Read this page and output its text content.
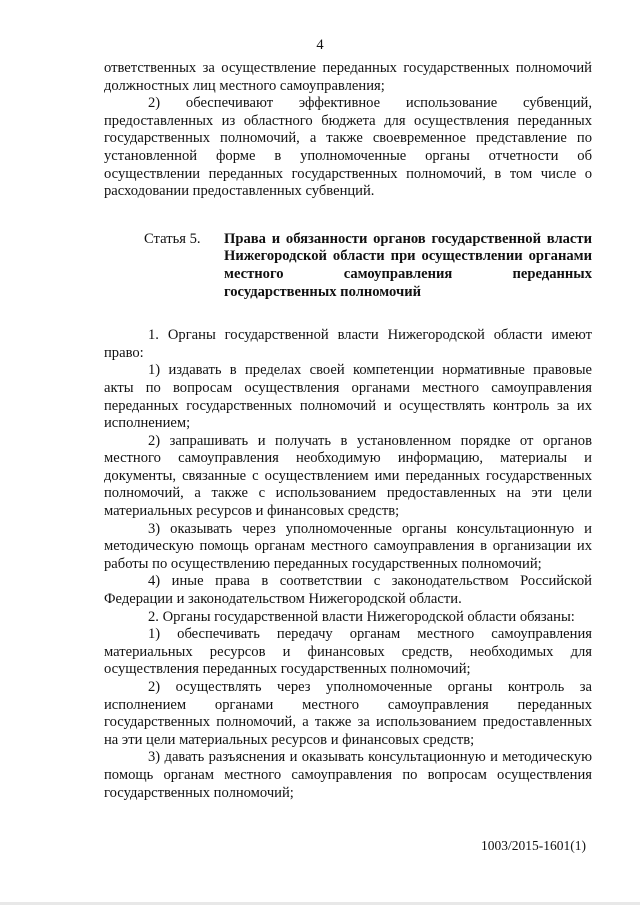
4

ответственных за осуществление переданных государственных полномочий должностных лиц местного самоуправления;

2) обеспечивают эффективное использование субвенций, предоставленных из областного бюджета для осуществления переданных государственных полномочий, а также своевременное представление по установленной форме в уполномоченные органы отчетности об осуществлении переданных государственных полномочий, в том числе о расходовании предоставленных субвенций.

Статья 5.	Права и обязанности органов государственной власти Нижегородской области при осуществлении органами местного самоуправления переданных государственных полномочий

1. Органы государственной власти Нижегородской области имеют право:

1) издавать в пределах своей компетенции нормативные правовые акты по вопросам осуществления органами местного самоуправления переданных государственных полномочий и осуществлять контроль за их исполнением;

2) запрашивать и получать в установленном порядке от органов местного самоуправления необходимую информацию, материалы и документы, связанные с осуществлением ими переданных государственных полномочий, а также с использованием предоставленных на эти цели материальных ресурсов и финансовых средств;

3) оказывать через уполномоченные органы консультационную и методическую помощь органам местного самоуправления в организации их работы по осуществлению переданных государственных полномочий;

4) иные права в соответствии с законодательством Российской Федерации и законодательством Нижегородской области.

2. Органы государственной власти Нижегородской области обязаны:

1) обеспечивать передачу органам местного самоуправления материальных ресурсов и финансовых средств, необходимых для осуществления переданных государственных полномочий;

2) осуществлять через уполномоченные органы контроль за исполнением органами местного самоуправления переданных государственных полномочий, а также за использованием предоставленных на эти цели материальных ресурсов и финансовых средств;

3) давать разъяснения и оказывать консультационную и методическую помощь органам местного самоуправления по вопросам осуществления государственных полномочий;

1003/2015-1601(1)
